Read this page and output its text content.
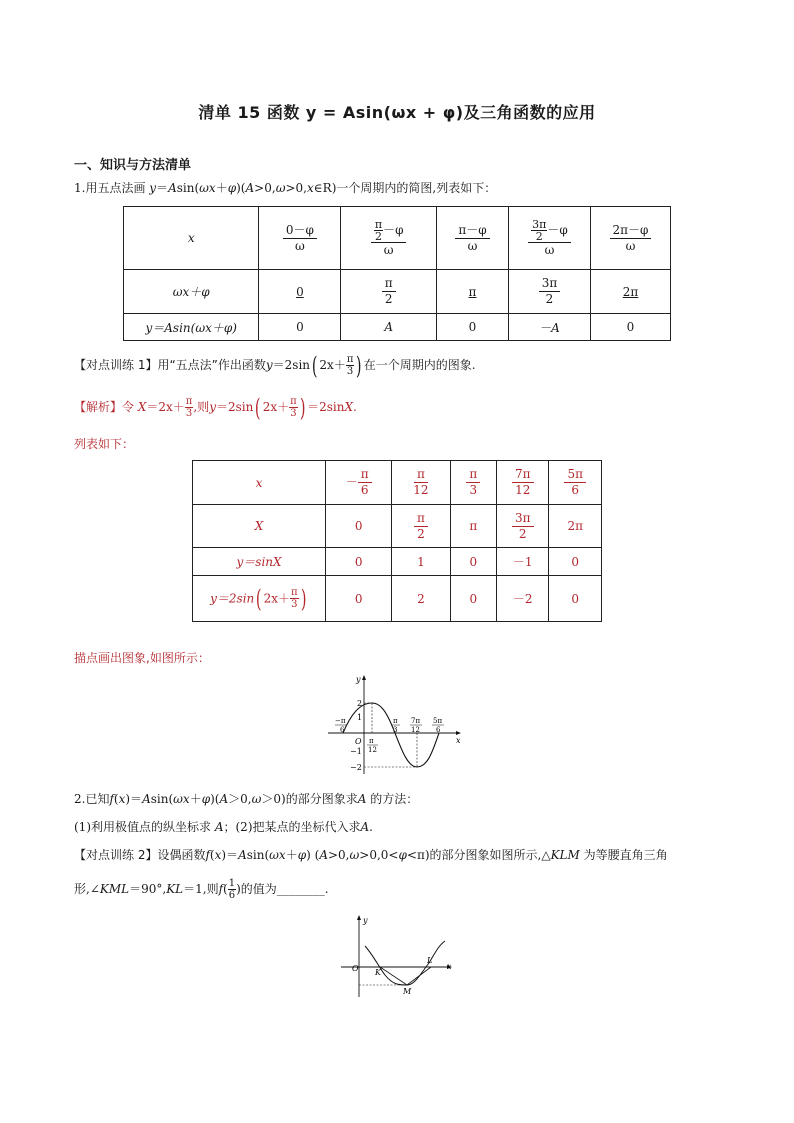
清单 15 函数 y = Asin(ωx + φ)及三角函数的应用
一、知识与方法清单
1.用五点法画 y＝Asin(ωx＋φ)(A>0,ω>0,x∈R)一个周期内的简图,列表如下：
x	$\frac{0-\varphi}{\omega}$	$\frac{\frac{\pi}{2} -\varphi}{\omega}$	$\frac{\pi-\varphi}{\omega}$	$\frac{\frac{3\pi}{2} -\varphi}{\omega}$	$\frac{2\pi-\varphi}{\omega}$

ωx＋φ	0	$\frac{\pi}{2}$	π	$\frac{3\pi}{2}$	2π
y＝Asin(ωx＋φ)	0	A	0	－A	0
【对点训练 1】用“五点法”作出函数y＝2sin( $2x+ \frac{\pi}{3}$ ) 在一个周期内的图象.
【解析】令 $X=2x+ \frac{\pi}{3}$ ,则y＝2sin( $2x+ \frac{\pi}{3}$ ) ＝2sinX.
列表如下：
x	－ $\frac{\pi}{6}$	$\frac{\pi}{12}$	$\frac{\pi}{3}$	$\frac{7\pi}{12}$	$\frac{5\pi}{6}$

X	0	$\frac{\pi}{2}$	π	$\frac{3\pi}{2}$	2π
y＝sinX	0	1	0	－1	0
y＝2sin( $2x+ \frac{\pi}{3}$ )	0	2	0	－2	0
描点画出图象,如图所示：
y
x
O
2
1
−1
−2
−π
6
π
12
π
3
7π
12
5π
6
2.已知f(x)＝Asin(ωx＋φ)(A＞0,ω＞0)的部分图象求A 的方法：
(1)利用极值点的纵坐标求 A；(2)把某点的坐标代入求A.
【对点训练 2】设偶函数f(x)＝Asin(ωx＋φ) (A>0,ω>0,0<φ<π)的部分图象如图所示,△KLM 为等腰直角三角
形,∠KML＝90°,KL＝1,则$f( \frac{1}{6}$ )的值为________.
y
x
O K
L
M
